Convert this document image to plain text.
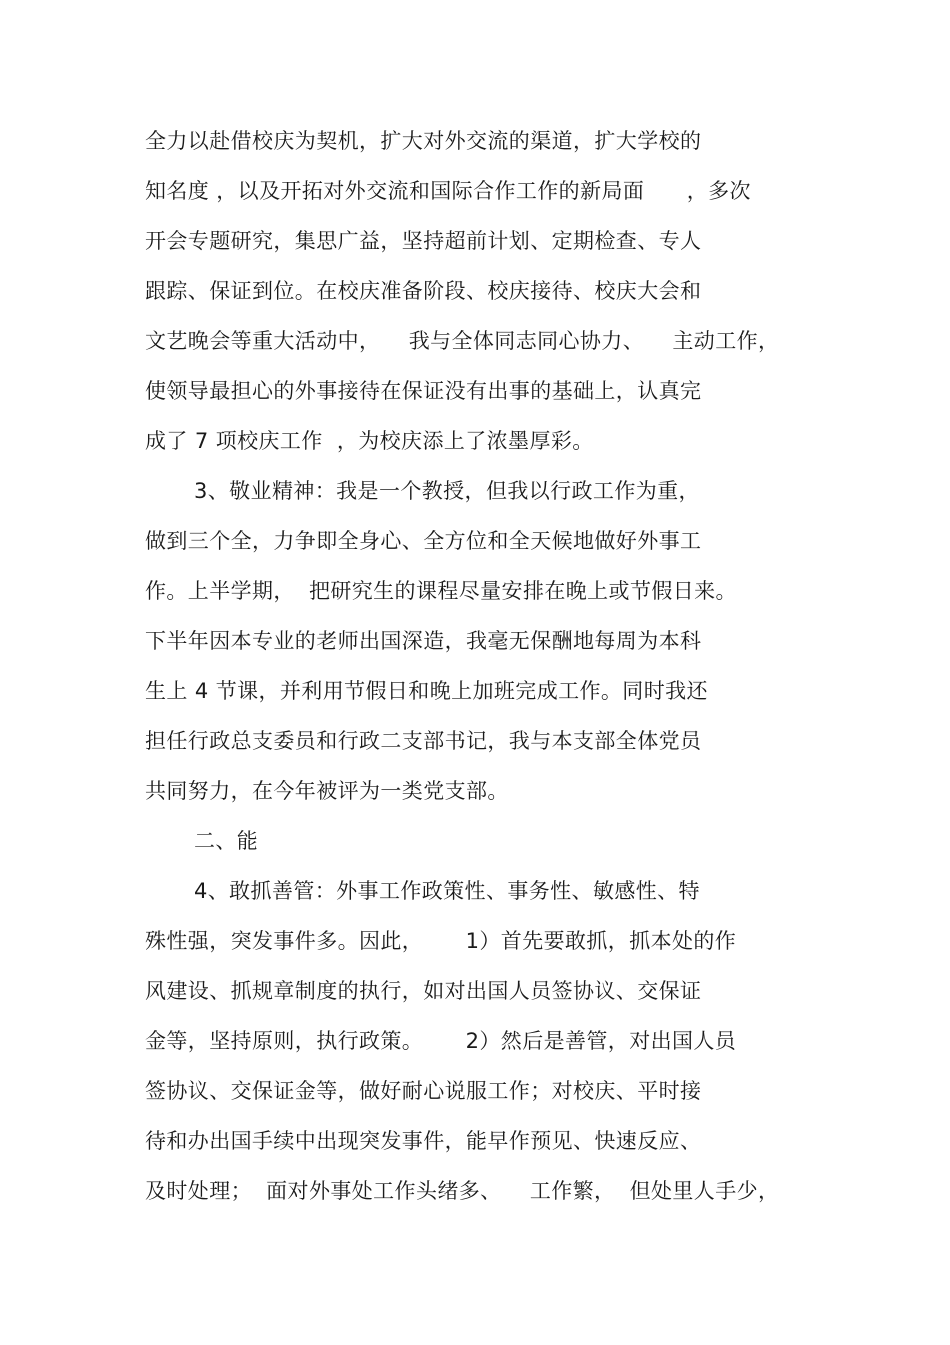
全力以赴借校庆为契机，扩大对外交流的渠道，扩大学校的
知名度 ，以及开拓对外交流和国际合作工作的新局面      ，多次
开会专题研究，集思广益，坚持超前计划、定期检查、专人
跟踪、保证到位。在校庆准备阶段、校庆接待、校庆大会和
文艺晚会等重大活动中，    我与全体同志同心协力、    主动工作，
使领导最担心的外事接待在保证没有出事的基础上，认真完
成了 7 项校庆工作  ，为校庆添上了浓墨厚彩。
3、敬业精神：我是一个教授，但我以行政工作为重，
做到三个全，力争即全身心、全方位和全天候地做好外事工
作。上半学期，  把研究生的课程尽量安排在晚上或节假日来。
下半年因本专业的老师出国深造，我毫无保酬地每周为本科
生上 4 节课，并利用节假日和晚上加班完成工作。同时我还
担任行政总支委员和行政二支部书记，我与本支部全体党员
共同努力，在今年被评为一类党支部。
二、能
4、敢抓善管：外事工作政策性、事务性、敏感性、特
殊性强，突发事件多。因此，      1）首先要敢抓，抓本处的作
风建设、抓规章制度的执行，如对出国人员签协议、交保证
金等，坚持原则，执行政策。      2）然后是善管，对出国人员
签协议、交保证金等，做好耐心说服工作；对校庆、平时接
待和办出国手续中出现突发事件，能早作预见、快速反应、
及时处理；  面对外事处工作头绪多、    工作繁，  但处里人手少，
